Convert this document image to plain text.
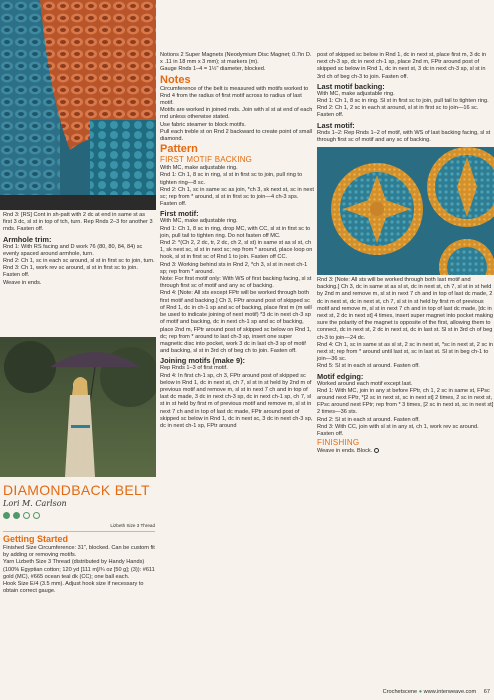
Rnd 3: [RS] Cont in sh-patt with 2 dc at end in same st as first 3 dc, sl st in top of tch, turn. Rep Rnds 2–3 for another 3 rnds. Fasten off.

Armhole trim:

Rnd 1: With RS facing and D work 76 (80, 80, 84, 84) sc evenly spaced around armhole, turn.

Rnd 2: Ch 1, sc in each sc around, sl st in first sc to join, turn.

Rnd 3: Ch 1, work rev sc around, sl st in first sc to join. Fasten off.

Weave in ends.

DIAMONDBACK BELT
Lori M. Carlson
Lizbeth Size 3 Thread
Getting Started

Finished Size Circumference: 31", blocked. Can be custom fit by adding or removing motifs.

Yarn Lizbeth Size 3 Thread (distributed by Handy Hands) (100% Egyptian cotton; 120 yd [111 m]/¾ oz [50 g]; (3)): #611 gold (MC), #665 ocean teal dk (CC); one ball each.

Hook Size E/4 (3.5 mm). Adjust hook size if necessary to obtain correct gauge.

Notions 2 Super Magnets (Neodymium Disc Magnet; 0.7in D. x .11 in 18 mm x 3 mm); st markers (m).

Gauge Rnds 1–4 = 1½" diameter, blocked.

Notes

Circumference of the belt is measured with motifs worked to Rnd 4 from the radius of first motif across to radius of last motif.

Motifs are worked in joined rnds. Join with sl st at end of each rnd unless otherwise stated.

Use fabric steamer to block motifs.

Pull each treble st on Rnd 2 backward to create point of small diamond.

Pattern
FIRST MOTIF BACKING

With MC, make adjustable ring.

Rnd 1: Ch 1, 8 sc in ring, sl st in first sc to join, pull ring to tighten ring—8 sc.

Rnd 2: Ch 1, sc in same sc as join, *ch 3, sk next st, sc in next sc; rep from * around, sl st in first sc to join—4 ch-3 sps. Fasten off.

First motif:

With MC, make adjustable ring.

Rnd 1: Ch 1, 8 sc in ring, drop MC, with CC, sl st in first sc to join, pull tail to tighten ring. Do not fasten off MC.

Rnd 2: *(Ch 2, 2 dc, tr, 2 dc, ch 2, sl st) in same st as sl st, ch 1, sk next sc, sl st in next sc; rep from * around, place loop on hook, sl st in first sc of Rnd 1 to join. Fasten off CC.

Rnd 3: Working behind sts in Rnd 2, *ch 3, sl st in next ch-1 sp; rep from * around.

Note: For first motif only: With WS of first backing facing, sl st through first sc of motif and any sc of backing.

Rnd 4: [Note: All sts except FPtr will be worked through both first motif and backing.] Ch 3, FPtr around post of skipped sc of Rnd 1, dc in ch-1 sp and sc of backing, place first m (m will be used to indicate joining of next motif) *3 dc in next ch-3 sp of motif and backing, dc in next ch-1 sp and sc of backing, place 2nd m, FPtr around post of skipped sc below on Rnd 1, dc; rep from * around to last ch-3 sp, insert one super magnetic disc into pocket, work 3 dc in last ch-3 sp of motif and backing, sl st in 3rd ch of beg ch to join. Fasten off.

Joining motifs (make 9):

Rep Rnds 1–3 of first motif.

Rnd 4: In first ch-1 sp, ch 3, FPtr around post of skipped sc below in Rnd 1, dc in next st, ch 7, sl st in st held by 2nd m of previous motif and remove m, sl st in next 7 ch and in top of last dc made, 3 dc in next ch-3 sp, dc in next ch-1 sp, ch 7, sl st in st held by first m of previous motif and remove m, sl st in next 7 ch and in top of last dc made, FPtr around post of skipped sc below in Rnd 1, dc in next sc, 3 dc in next ch-3 sp, dc in next ch-1 sp, FPtr around

post of skipped sc below in Rnd 1, dc in next st, place first m, 3 dc in next ch-3 sp, dc in next ch-1 sp, place 2nd m, FPtr around post of skipped sc below in Rnd 1, dc in next st, 3 dc in next ch-3 sp, sl st in 3rd ch of beg ch-3 to join. Fasten off.

Last motif backing:

With MC, make adjustable ring.

Rnd 1: Ch 1, 8 sc in ring. Sl st in first sc to join, pull tail to tighten ring.

Rnd 2: Ch 1, 2 sc in each st around, sl st in first sc to join—16 sc. Fasten off.

Last motif:

Rnds 1–2: Rep Rnds 1–2 of motif, with WS of last backing facing, sl st through first sc of motif and any sc of backing.

Rnd 3: [Note: All sts will be worked through both last motif and backing.] Ch 3, dc in same st as sl st, dc in next st, ch 7, sl st in st held by 2nd m and remove m, sl st in next 7 ch and in top of last dc made, 2 dc in next st, dc in next st, ch 7, sl st in st held by first m of previous motif and remove m, sl st in next 7 ch and in top of last dc made, [dc in next st, 2 dc in next st] 4 times, insert super magnet into pocket making sure the polarity of the magnet is opposite of the first, allowing them to connect, dc in next st, 2 dc in next st, dc in last st. Sl st in 3rd ch of beg ch-3 to join—24 dc.

Rnd 4: Ch 1, sc in same st as sl st, 2 sc in next st, *sc in next st, 2 sc in next st; rep from * around until last st, sc in last st. Sl st in beg ch-1 to join—36 sc.

Rnd 5: Sl st in each st around. Fasten off.

Motif edging:

Worked around each motif except last.

Rnd 1: With MC, join in any st before FPtr, ch 1, 2 sc in same st, FPsc around next FPtr, *[2 sc in next st, sc in next st] 2 times, 2 sc in next st, FPsc around next FPtr; rep from * 3 times, [2 sc in next st, sc in next st] 2 times—36 sts.

Rnd 2: Sl st in each st around. Fasten off.

Rnd 3: With CC, join with sl st in any st, ch 1, work rev sc around. Fasten off.

FINISHING

Weave in ends. Block.

Crochetscene ● www.interweave.com 67
